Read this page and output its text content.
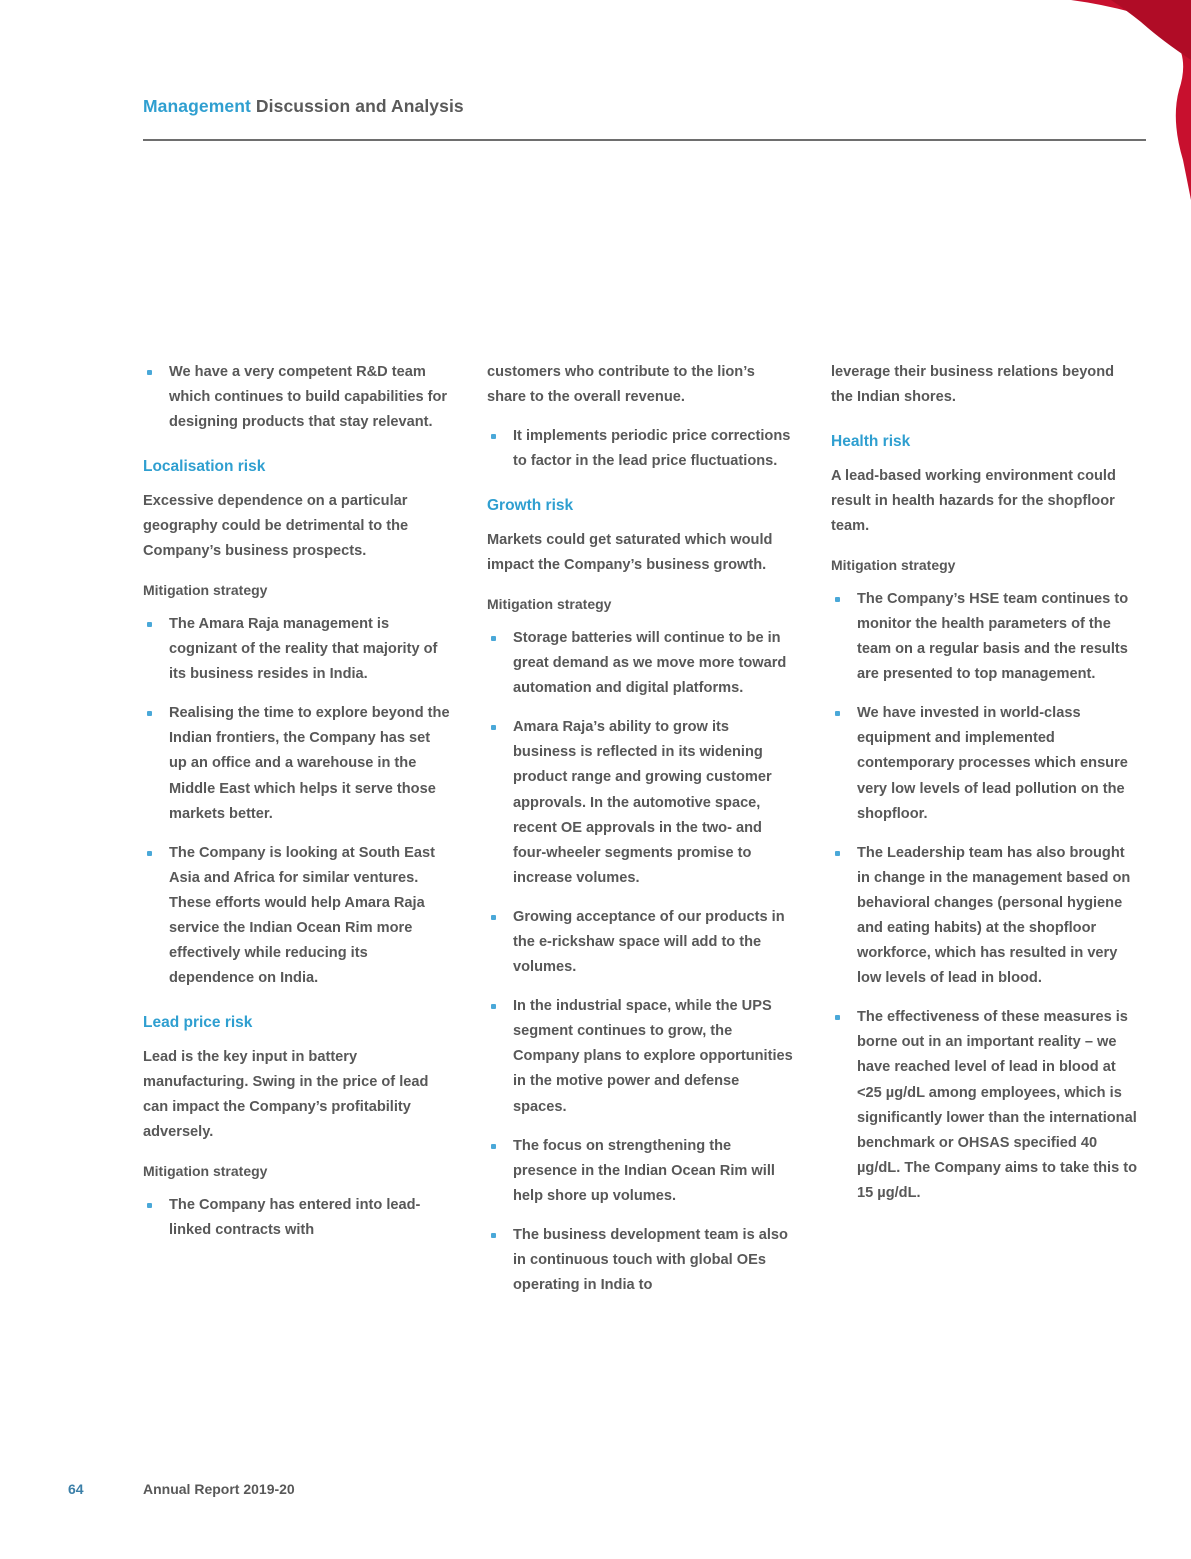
Management Discussion and Analysis
We have a very competent R&D team which continues to build capabilities for designing products that stay relevant.
Localisation risk

Excessive dependence on a particular geography could be detrimental to the Company’s business prospects.

Mitigation strategy
The Amara Raja management is cognizant of the reality that majority of its business resides in India.
Realising the time to explore beyond the Indian frontiers, the Company has set up an office and a warehouse in the Middle East which helps it serve those markets better.
The Company is looking at South East Asia and Africa for similar ventures. These efforts would help Amara Raja service the Indian Ocean Rim more effectively while reducing its dependence on India.
Lead price risk

Lead is the key input in battery manufacturing. Swing in the price of lead can impact the Company’s profitability adversely.

Mitigation strategy
The Company has entered into lead-linked contracts with

customers who contribute to the lion’s share to the overall revenue.

It implements periodic price corrections to factor in the lead price fluctuations.
Growth risk

Markets could get saturated which would impact the Company’s business growth.

Mitigation strategy
Storage batteries will continue to be in great demand as we move more toward automation and digital platforms.
Amara Raja’s ability to grow its business is reflected in its widening product range and growing customer approvals. In the automotive space, recent OE approvals in the two- and four-wheeler segments promise to increase volumes.
Growing acceptance of our products in the e-rickshaw space will add to the volumes.
In the industrial space, while the UPS segment continues to grow, the Company plans to explore opportunities in the motive power and defense spaces.
The focus on strengthening the presence in the Indian Ocean Rim will help shore up volumes.
The business development team is also in continuous touch with global OEs operating in India to

leverage their business relations beyond the Indian shores.

Health risk

A lead-based working environment could result in health hazards for the shopfloor team.

Mitigation strategy
The Company’s HSE team continues to monitor the health parameters of the team on a regular basis and the results are presented to top management.
We have invested in world-class equipment and implemented contemporary processes which ensure very low levels of lead pollution on the shopfloor.
The Leadership team has also brought in change in the management based on behavioral changes (personal hygiene and eating habits) at the shopfloor workforce, which has resulted in very low levels of lead in blood.
The effectiveness of these measures is borne out in an important reality – we have reached level of lead in blood at <25 µg/dL among employees, which is significantly lower than the international benchmark or OHSAS specified 40 µg/dL. The Company aims to take this to 15 µg/dL.
64	Annual Report 2019-20
